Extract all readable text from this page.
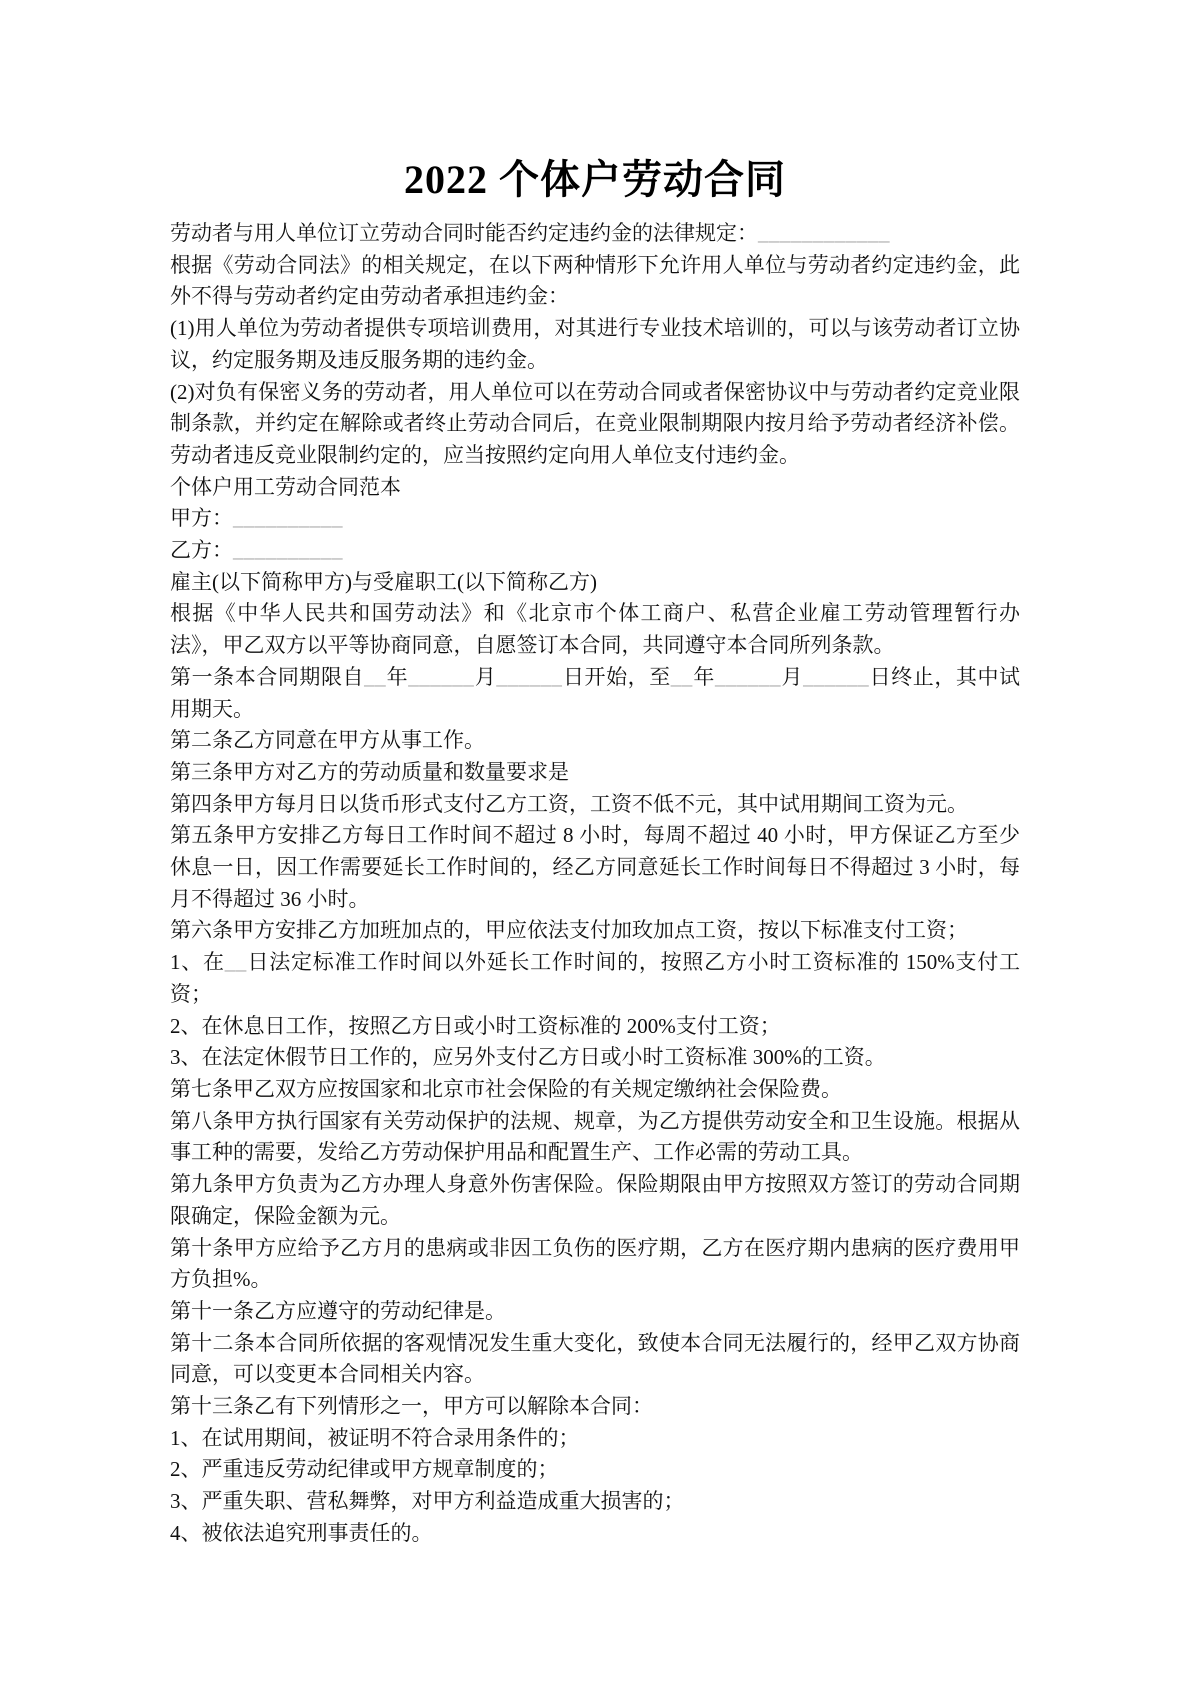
2022 个体户劳动合同

劳动者与用人单位订立劳动合同时能否约定违约金的法律规定：____________

根据《劳动合同法》的相关规定，在以下两种情形下允许用人单位与劳动者约定违约金，此外不得与劳动者约定由劳动者承担违约金：

(1)用人单位为劳动者提供专项培训费用，对其进行专业技术培训的，可以与该劳动者订立协议，约定服务期及违反服务期的违约金。

(2)对负有保密义务的劳动者，用人单位可以在劳动合同或者保密协议中与劳动者约定竞业限制条款，并约定在解除或者终止劳动合同后，在竞业限制期限内按月给予劳动者经济补偿。劳动者违反竞业限制约定的，应当按照约定向用人单位支付违约金。

个体户用工劳动合同范本

甲方：__________

乙方：__________

雇主(以下简称甲方)与受雇职工(以下简称乙方)

根据《中华人民共和国劳动法》和《北京市个体工商户、私营企业雇工劳动管理暂行办法》，甲乙双方以平等协商同意，自愿签订本合同，共同遵守本合同所列条款。

第一条本合同期限自__年______月______日开始，至__年______月______日终止，其中试用期天。

第二条乙方同意在甲方从事工作。

第三条甲方对乙方的劳动质量和数量要求是

第四条甲方每月日以货币形式支付乙方工资，工资不低不元，其中试用期间工资为元。

第五条甲方安排乙方每日工作时间不超过 8 小时，每周不超过 40 小时，甲方保证乙方至少休息一日，因工作需要延长工作时间的，经乙方同意延长工作时间每日不得超过 3 小时，每月不得超过 36 小时。

第六条甲方安排乙方加班加点的，甲应依法支付加玫加点工资，按以下标准支付工资；

1、在__日法定标准工作时间以外延长工作时间的，按照乙方小时工资标准的 150%支付工资；

2、在休息日工作，按照乙方日或小时工资标准的 200%支付工资；

3、在法定休假节日工作的，应另外支付乙方日或小时工资标准 300%的工资。

第七条甲乙双方应按国家和北京市社会保险的有关规定缴纳社会保险费。

第八条甲方执行国家有关劳动保护的法规、规章，为乙方提供劳动安全和卫生设施。根据从事工种的需要，发给乙方劳动保护用品和配置生产、工作必需的劳动工具。

第九条甲方负责为乙方办理人身意外伤害保险。保险期限由甲方按照双方签订的劳动合同期限确定，保险金额为元。

第十条甲方应给予乙方月的患病或非因工负伤的医疗期，乙方在医疗期内患病的医疗费用甲方负担%。

第十一条乙方应遵守的劳动纪律是。

第十二条本合同所依据的客观情况发生重大变化，致使本合同无法履行的，经甲乙双方协商同意，可以变更本合同相关内容。

第十三条乙有下列情形之一，甲方可以解除本合同：

1、在试用期间，被证明不符合录用条件的；

2、严重违反劳动纪律或甲方规章制度的；

3、严重失职、营私舞弊，对甲方利益造成重大损害的；

4、被依法追究刑事责任的。
